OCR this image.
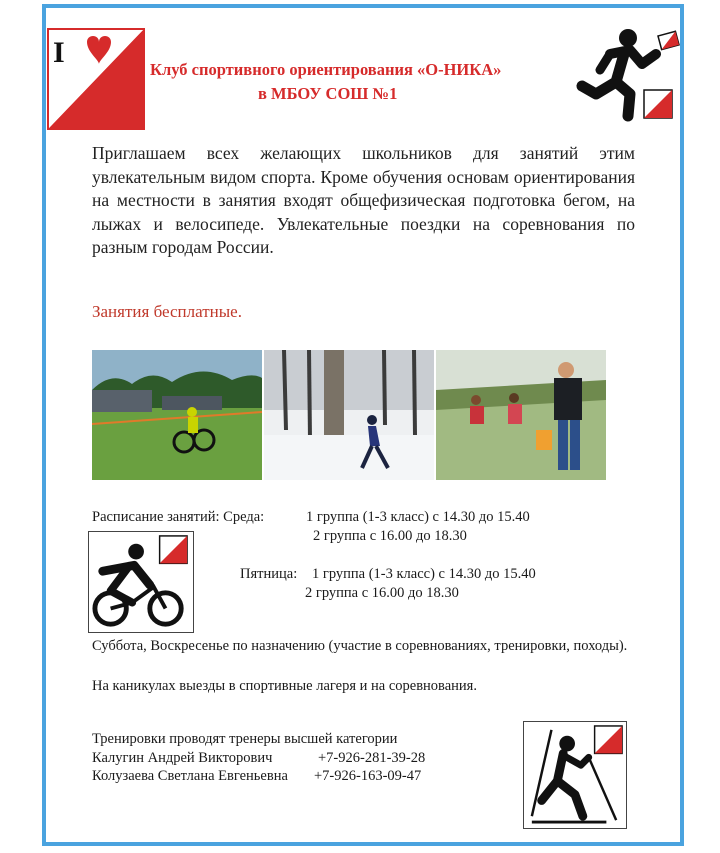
I
Клуб спортивного ориентирования «О-НИКА»
в МБОУ СОШ №1

Приглашаем всех желающих школьников для занятий этим увлекательным видом спорта. Кроме обучения основам ориентирования на местности в занятия входят общефизическая подготовка бегом, на лыжах и велосипеде. Увлекательные поездки на соревнования по разным городам России.

Занятия бесплатные.
Расписание занятий: Среда:	1 группа (1-3 класс) с 14.30 до 15.40
2 группа с 16.00 до 18.30
Пятница: 1 группа (1-3 класс) с 14.30 до 15.40
2 группа с 16.00 до 18.30

Суббота, Воскресенье по назначению (участие в соревнованиях, тренировки, походы).

На каникулах выезды в спортивные лагеря и на соревнования.

Тренировки проводят тренеры высшей категории
Калугин Андрей Викторович	+7-926-281-39-28
Колузаева Светлана Евгеньевна +7-926-163-09-47
